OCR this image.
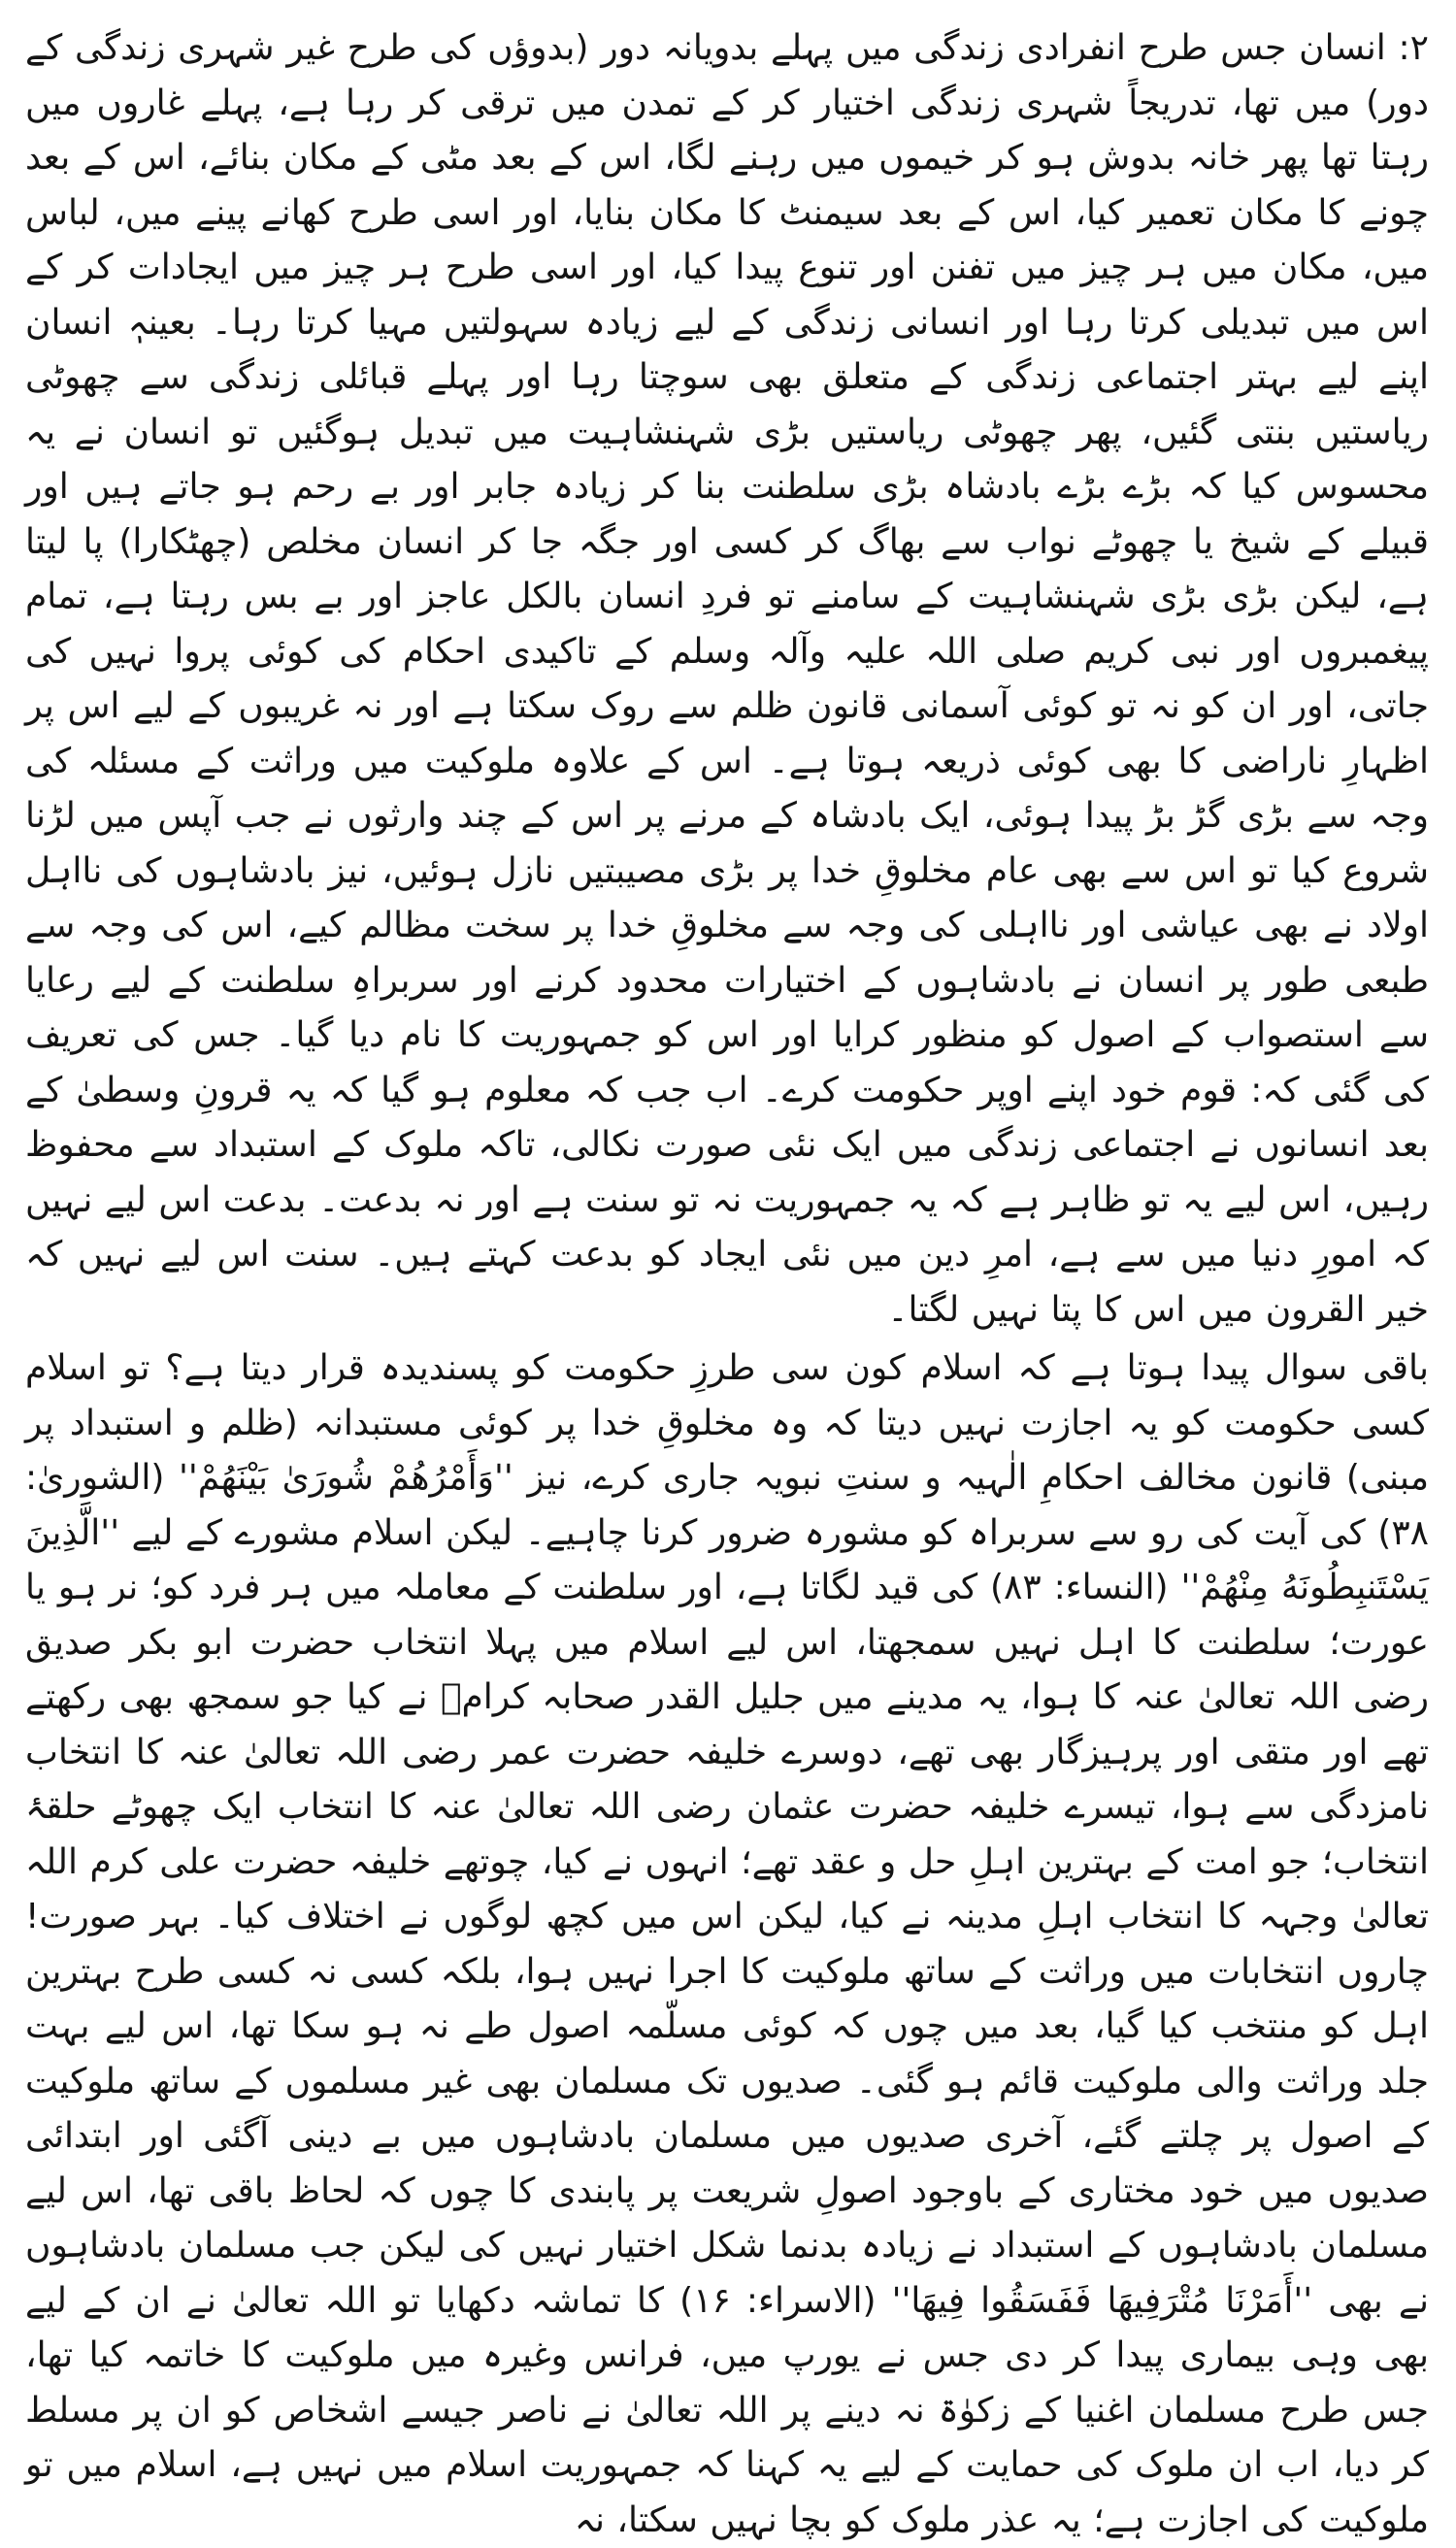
۲: انسان جس طرح انفرادی زندگی میں پہلے بدویانہ دور (بدوؤں کی طرح غیر شہری زندگی کے دور) میں تھا، تدریجاً شہری زندگی اختیار کر کے تمدن میں ترقی کر رہا ہے، پہلے غاروں میں رہتا تھا پھر خانہ بدوش ہو کر خیموں میں رہنے لگا، اس کے بعد مٹی کے مکان بنائے، اس کے بعد چونے کا مکان تعمیر کیا، اس کے بعد سیمنٹ کا مکان بنایا، اور اسی طرح کھانے پینے میں، لباس میں، مکان میں ہر چیز میں تفنن اور تنوع پیدا کیا، اور اسی طرح ہر چیز میں ایجادات کر کے اس میں تبدیلی کرتا رہا اور انسانی زندگی کے لیے زیادہ سہولتیں مہیا کرتا رہا۔ بعینہٖ انسان اپنے لیے بہتر اجتماعی زندگی کے متعلق بھی سوچتا رہا اور پہلے قبائلی زندگی سے چھوٹی ریاستیں بنتی گئیں، پھر چھوٹی ریاستیں بڑی شہنشاہیت میں تبدیل ہوگئیں تو انسان نے یہ محسوس کیا کہ بڑے بڑے بادشاہ بڑی سلطنت بنا کر زیادہ جابر اور بے رحم ہو جاتے ہیں اور قبیلے کے شیخ یا چھوٹے نواب سے بھاگ کر کسی اور جگہ جا کر انسان مخلص (چھٹکارا) پا لیتا ہے، لیکن بڑی بڑی شہنشاہیت کے سامنے تو فردِ انسان بالکل عاجز اور بے بس رہتا ہے، تمام پیغمبروں اور نبی کریم صلی اللہ علیہ وآلہ وسلم کے تاکیدی احکام کی کوئی پروا نہیں کی جاتی، اور ان کو نہ تو کوئی آسمانی قانون ظلم سے روک سکتا ہے اور نہ غریبوں کے لیے اس پر اظہارِ ناراضی کا بھی کوئی ذریعہ ہوتا ہے۔ اس کے علاوہ ملوکیت میں وراثت کے مسئلہ کی وجہ سے بڑی گڑ بڑ پیدا ہوئی، ایک بادشاہ کے مرنے پر اس کے چند وارثوں نے جب آپس میں لڑنا شروع کیا تو اس سے بھی عام مخلوقِ خدا پر بڑی مصیبتیں نازل ہوئیں، نیز بادشاہوں کی نااہل اولاد نے بھی عیاشی اور نااہلی کی وجہ سے مخلوقِ خدا پر سخت مظالم کیے، اس کی وجہ سے طبعی طور پر انسان نے بادشاہوں کے اختیارات محدود کرنے اور سربراہِ سلطنت کے لیے رعایا سے استصواب کے اصول کو منظور کرایا اور اس کو جمہوریت کا نام دیا گیا۔ جس کی تعریف کی گئی کہ: قوم خود اپنے اوپر حکومت کرے۔ اب جب کہ معلوم ہو گیا کہ یہ قرونِ وسطیٰ کے بعد انسانوں نے اجتماعی زندگی میں ایک نئی صورت نکالی، تاکہ ملوک کے استبداد سے محفوظ رہیں، اس لیے یہ تو ظاہر ہے کہ یہ جمہوریت نہ تو سنت ہے اور نہ بدعت۔ بدعت اس لیے نہیں کہ امورِ دنیا میں سے ہے، امرِ دین میں نئی ایجاد کو بدعت کہتے ہیں۔ سنت اس لیے نہیں کہ خیر القرون میں اس کا پتا نہیں لگتا۔

باقی سوال پیدا ہوتا ہے کہ اسلام کون سی طرزِ حکومت کو پسندیدہ قرار دیتا ہے؟ تو اسلام کسی حکومت کو یہ اجازت نہیں دیتا کہ وہ مخلوقِ خدا پر کوئی مستبدانہ (ظلم و استبداد پر مبنی) قانون مخالف احکامِ الٰہیہ و سنتِ نبویہ جاری کرے، نیز ''وَأَمْرُهُمْ شُورَىٰ بَيْنَهُمْ'' (الشوریٰ: ۳۸) کی آیت کی رو سے سربراہ کو مشورہ ضرور کرنا چاہیے۔ لیکن اسلام مشورے کے لیے ''الَّذِينَ يَسْتَنبِطُونَهُ مِنْهُمْ'' (النساء: ۸۳) کی قید لگاتا ہے، اور سلطنت کے معاملہ میں ہر فرد کو؛ نر ہو یا عورت؛ سلطنت کا اہل نہیں سمجھتا، اس لیے اسلام میں پہلا انتخاب حضرت ابو بکر صدیق رضی اللہ تعالیٰ عنہ کا ہوا، یہ مدینے میں جلیل القدر صحابہ کرامؓ نے کیا جو سمجھ بھی رکھتے تھے اور متقی اور پرہیزگار بھی تھے، دوسرے خلیفہ حضرت عمر رضی اللہ تعالیٰ عنہ کا انتخاب نامزدگی سے ہوا، تیسرے خلیفہ حضرت عثمان رضی اللہ تعالیٰ عنہ کا انتخاب ایک چھوٹے حلقۂ انتخاب؛ جو امت کے بہترین اہلِ حل و عقد تھے؛ انہوں نے کیا، چوتھے خلیفہ حضرت علی کرم اللہ تعالیٰ وجہہ کا انتخاب اہلِ مدینہ نے کیا، لیکن اس میں کچھ لوگوں نے اختلاف کیا۔ بہر صورت! چاروں انتخابات میں وراثت کے ساتھ ملوکیت کا اجرا نہیں ہوا، بلکہ کسی نہ کسی طرح بہترین اہل کو منتخب کیا گیا، بعد میں چوں کہ کوئی مسلّمہ اصول طے نہ ہو سکا تھا، اس لیے بہت جلد وراثت والی ملوکیت قائم ہو گئی۔ صدیوں تک مسلمان بھی غیر مسلموں کے ساتھ ملوکیت کے اصول پر چلتے گئے، آخری صدیوں میں مسلمان بادشاہوں میں بے دینی آگئی اور ابتدائی صدیوں میں خود مختاری کے باوجود اصولِ شریعت پر پابندی کا چوں کہ لحاظ باقی تھا، اس لیے مسلمان بادشاہوں کے استبداد نے زیادہ بدنما شکل اختیار نہیں کی لیکن جب مسلمان بادشاہوں نے بھی ''أَمَرْنَا مُتْرَفِيهَا فَفَسَقُوا فِيهَا'' (الاسراء: ۱۶) کا تماشہ دکھایا تو اللہ تعالیٰ نے ان کے لیے بھی وہی بیماری پیدا کر دی جس نے یورپ میں، فرانس وغیرہ میں ملوکیت کا خاتمہ کیا تھا، جس طرح مسلمان اغنیا کے زکوٰۃ نہ دینے پر اللہ تعالیٰ نے ناصر جیسے اشخاص کو ان پر مسلط کر دیا، اب ان ملوک کی حمایت کے لیے یہ کہنا کہ جمہوریت اسلام میں نہیں ہے، اسلام میں تو ملوکیت کی اجازت ہے؛ یہ عذر ملوک کو بچا نہیں سکتا، نہ
